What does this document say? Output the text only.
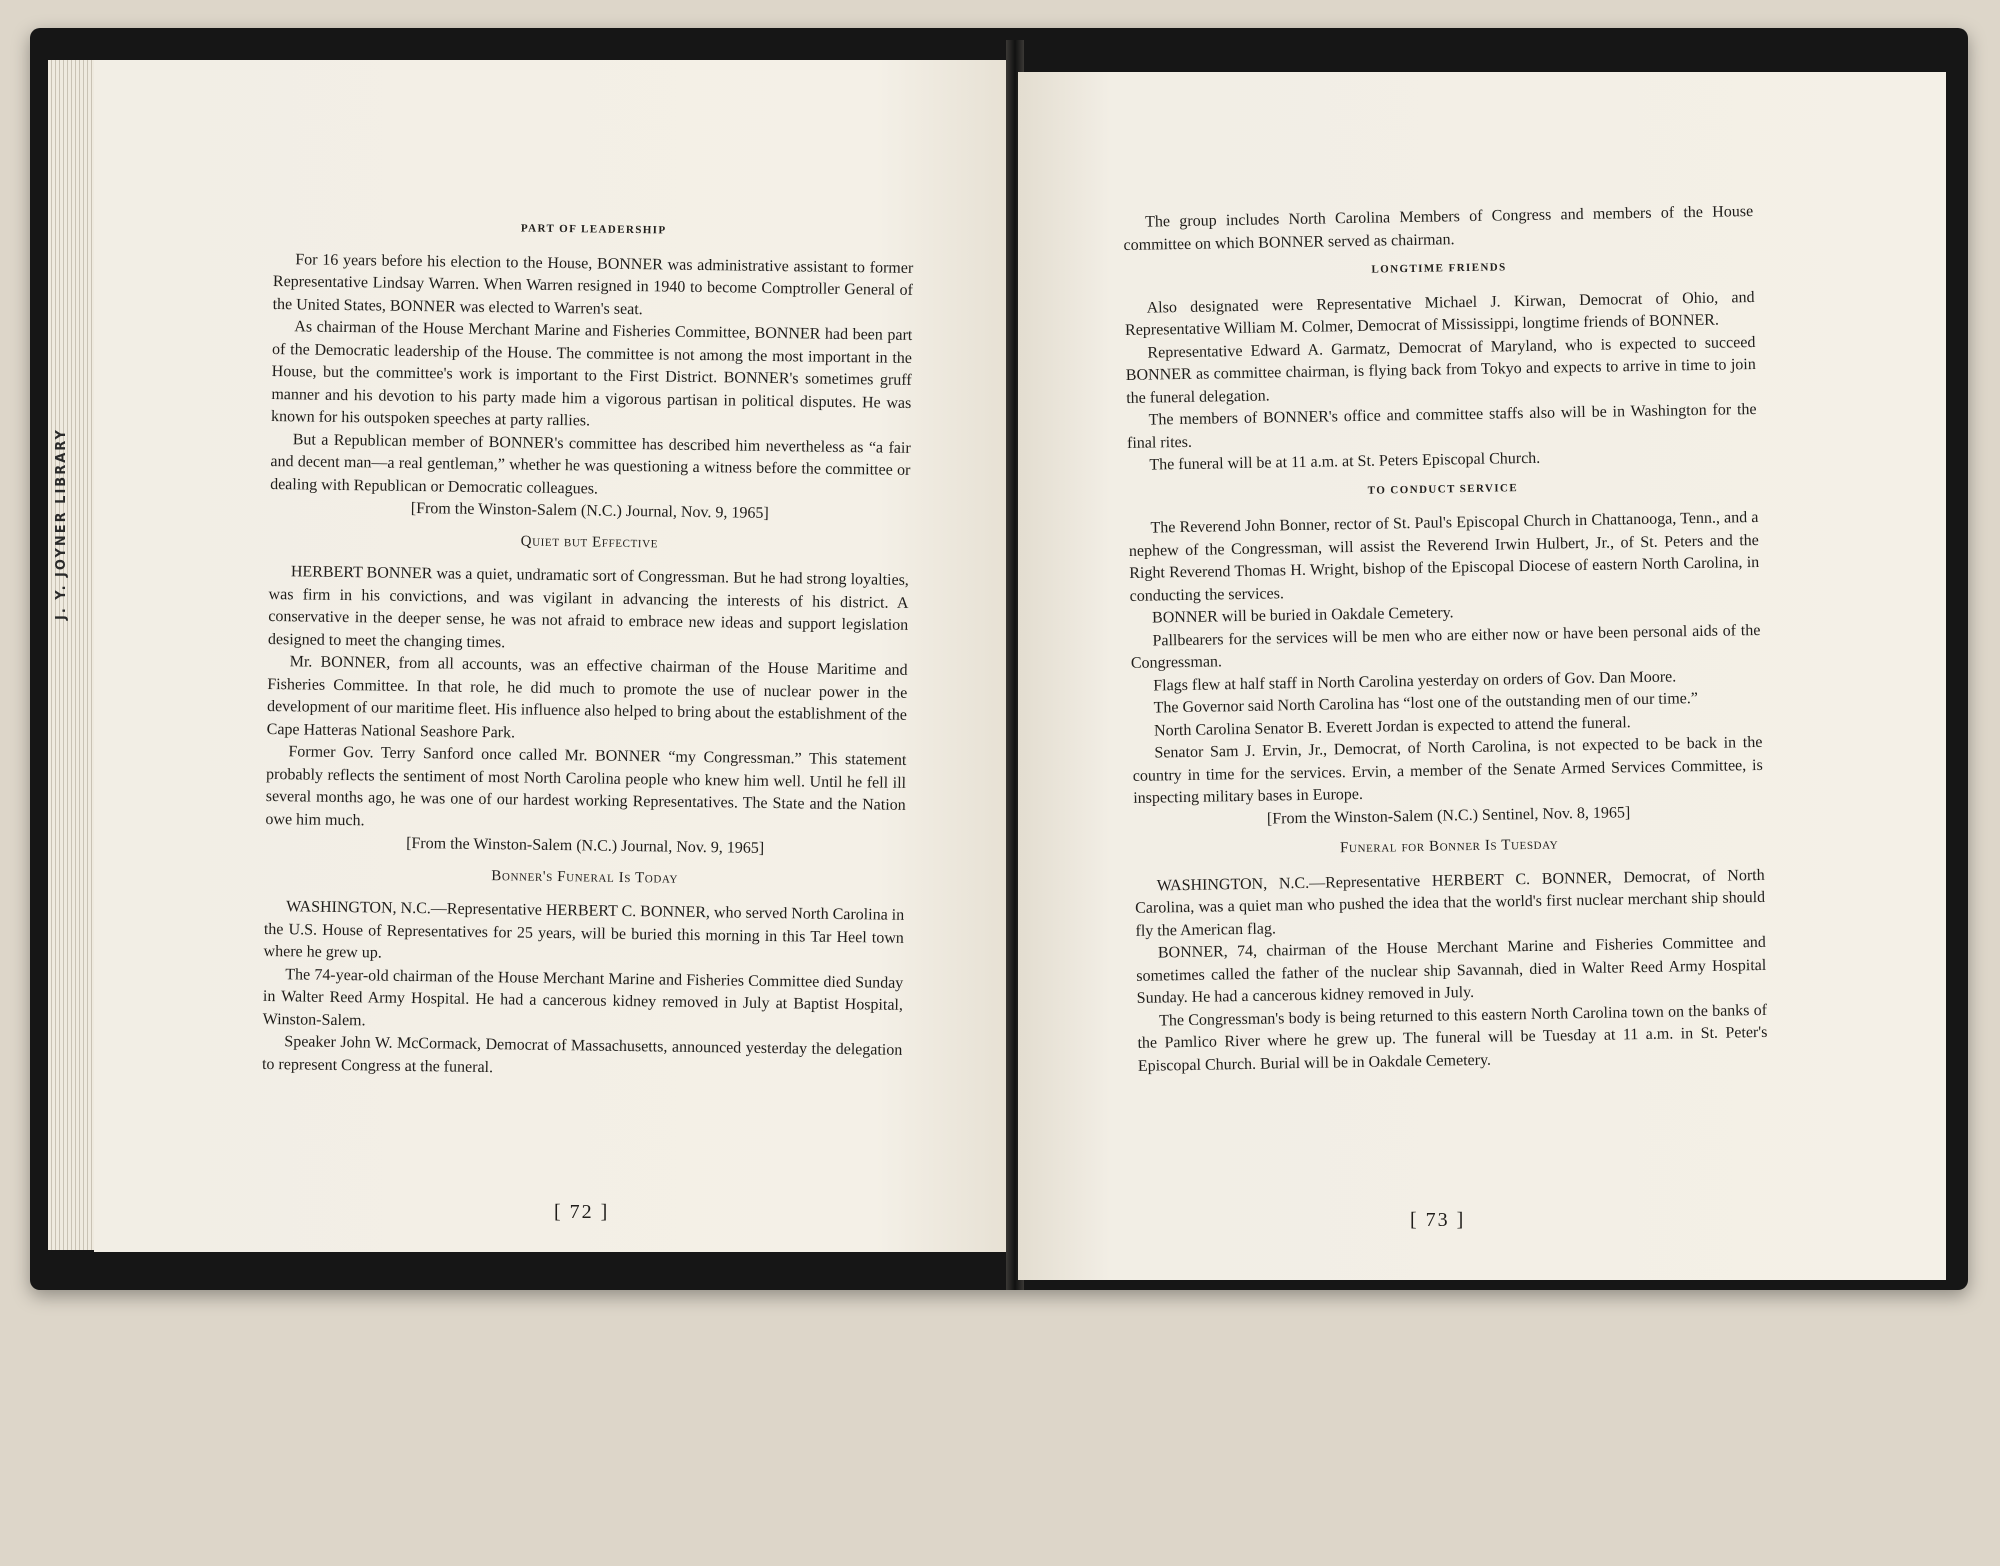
PART OF LEADERSHIP

For 16 years before his election to the House, BONNER was administrative assistant to former Representative Lindsay Warren. When Warren resigned in 1940 to become Comptroller General of the United States, BONNER was elected to Warren's seat.

As chairman of the House Merchant Marine and Fisheries Committee, BONNER had been part of the Democratic leadership of the House. The committee is not among the most important in the House, but the committee's work is important to the First District. BONNER's sometimes gruff manner and his devotion to his party made him a vigorous partisan in political disputes. He was known for his outspoken speeches at party rallies.

But a Republican member of BONNER's committee has described him nevertheless as “a fair and decent man—a real gentleman,” whether he was questioning a witness before the committee or dealing with Republican or Democratic colleagues.

[From the Winston-Salem (N.C.) Journal, Nov. 9, 1965]

Quiet but Effective

HERBERT BONNER was a quiet, undramatic sort of Congressman. But he had strong loyalties, was firm in his convictions, and was vigilant in advancing the interests of his district. A conservative in the deeper sense, he was not afraid to embrace new ideas and support legislation designed to meet the changing times.

Mr. BONNER, from all accounts, was an effective chairman of the House Maritime and Fisheries Committee. In that role, he did much to promote the use of nuclear power in the development of our maritime fleet. His influence also helped to bring about the establishment of the Cape Hatteras National Seashore Park.

Former Gov. Terry Sanford once called Mr. BONNER “my Congressman.” This statement probably reflects the sentiment of most North Carolina people who knew him well. Until he fell ill several months ago, he was one of our hardest working Representatives. The State and the Nation owe him much.

[From the Winston-Salem (N.C.) Journal, Nov. 9, 1965]

Bonner's Funeral Is Today

WASHINGTON, N.C.—Representative HERBERT C. BONNER, who served North Carolina in the U.S. House of Representatives for 25 years, will be buried this morning in this Tar Heel town where he grew up.

The 74-year-old chairman of the House Merchant Marine and Fisheries Committee died Sunday in Walter Reed Army Hospital. He had a cancerous kidney removed in July at Baptist Hospital, Winston-Salem.

Speaker John W. McCormack, Democrat of Massachusetts, announced yesterday the delegation to represent Congress at the funeral.

[ 72 ]
J. Y. JOYNER LIBRARY

The group includes North Carolina Members of Congress and members of the House committee on which BONNER served as chairman.

LONGTIME FRIENDS

Also designated were Representative Michael J. Kirwan, Democrat of Ohio, and Representative William M. Colmer, Democrat of Mississippi, longtime friends of BONNER.

Representative Edward A. Garmatz, Democrat of Maryland, who is expected to succeed BONNER as committee chairman, is flying back from Tokyo and expects to arrive in time to join the funeral delegation.

The members of BONNER's office and committee staffs also will be in Washington for the final rites.

The funeral will be at 11 a.m. at St. Peters Episcopal Church.

TO CONDUCT SERVICE

The Reverend John Bonner, rector of St. Paul's Episcopal Church in Chattanooga, Tenn., and a nephew of the Congressman, will assist the Reverend Irwin Hulbert, Jr., of St. Peters and the Right Reverend Thomas H. Wright, bishop of the Episcopal Diocese of eastern North Carolina, in conducting the services.

BONNER will be buried in Oakdale Cemetery.

Pallbearers for the services will be men who are either now or have been personal aids of the Congressman.

Flags flew at half staff in North Carolina yesterday on orders of Gov. Dan Moore.

The Governor said North Carolina has “lost one of the outstanding men of our time.”

North Carolina Senator B. Everett Jordan is expected to attend the funeral.

Senator Sam J. Ervin, Jr., Democrat, of North Carolina, is not expected to be back in the country in time for the services. Ervin, a member of the Senate Armed Services Committee, is inspecting military bases in Europe.

[From the Winston-Salem (N.C.) Sentinel, Nov. 8, 1965]

Funeral for Bonner Is Tuesday

WASHINGTON, N.C.—Representative HERBERT C. BONNER, Democrat, of North Carolina, was a quiet man who pushed the idea that the world's first nuclear merchant ship should fly the American flag.

BONNER, 74, chairman of the House Merchant Marine and Fisheries Committee and sometimes called the father of the nuclear ship Savannah, died in Walter Reed Army Hospital Sunday. He had a cancerous kidney removed in July.

The Congressman's body is being returned to this eastern North Carolina town on the banks of the Pamlico River where he grew up. The funeral will be Tuesday at 11 a.m. in St. Peter's Episcopal Church. Burial will be in Oakdale Cemetery.

[ 73 ]
